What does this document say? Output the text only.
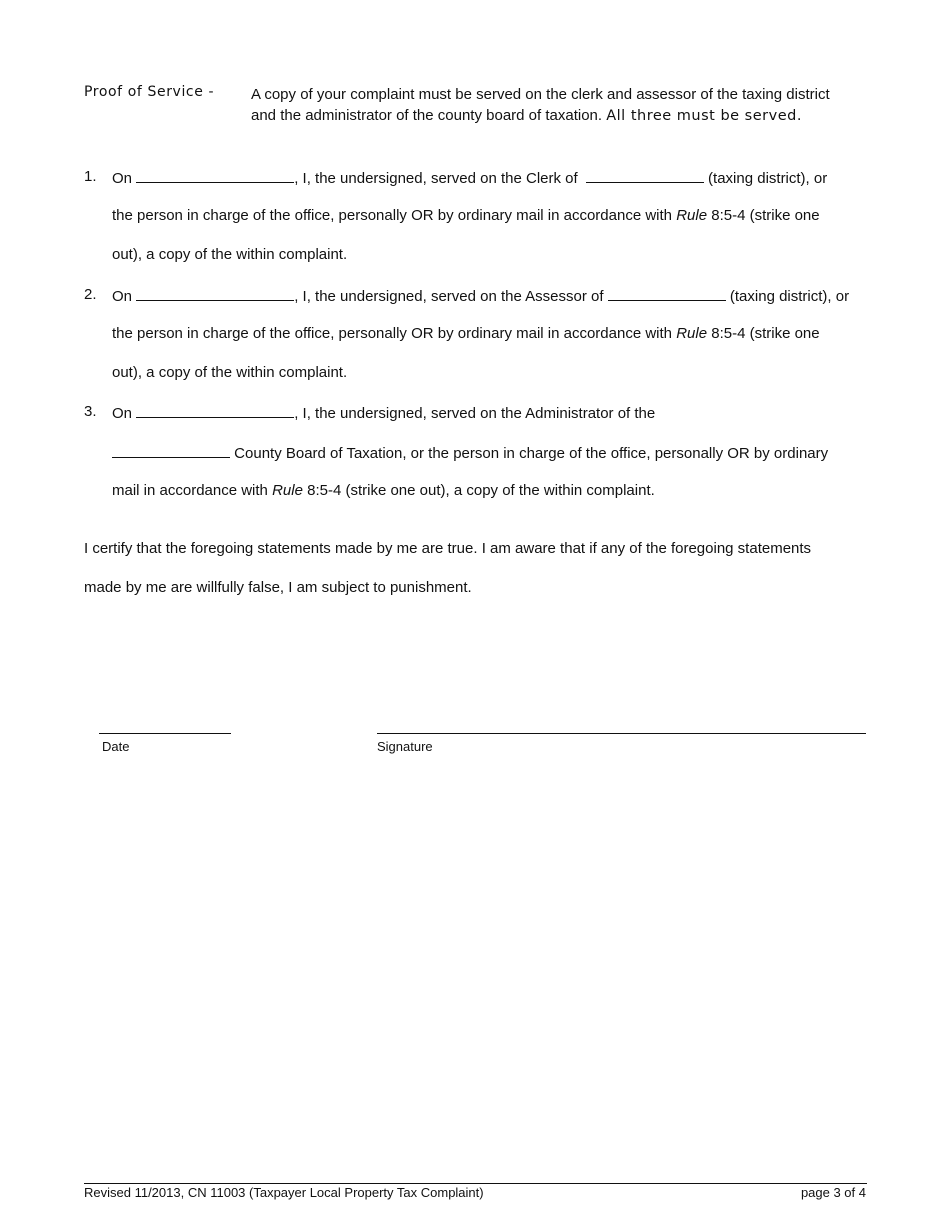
Proof of Service - A copy of your complaint must be served on the clerk and assessor of the taxing district
and the administrator of the county board of taxation. All three must be served.
1. On	, I, the undersigned, served on the Clerk of	(taxing district), or
the person in charge of the office, personally OR by ordinary mail in accordance with Rule 8:5-4 (strike one
out), a copy of the within complaint.
2. On	, I, the undersigned, served on the Assessor of	(taxing district), or
the person in charge of the office, personally OR by ordinary mail in accordance with Rule 8:5-4 (strike one
out), a copy of the within complaint.
3. On	, I, the undersigned, served on the Administrator of the
County Board of Taxation, or the person in charge of the office, personally OR by ordinary
mail in accordance with Rule 8:5-4 (strike one out), a copy of the within complaint.
I certify that the foregoing statements made by me are true. I am aware that if any of the foregoing statements
made by me are willfully false, I am subject to punishment.
Date	Signature
Revised 11/2013, CN 11003 (Taxpayer Local Property Tax Complaint)	page 3 of 4
